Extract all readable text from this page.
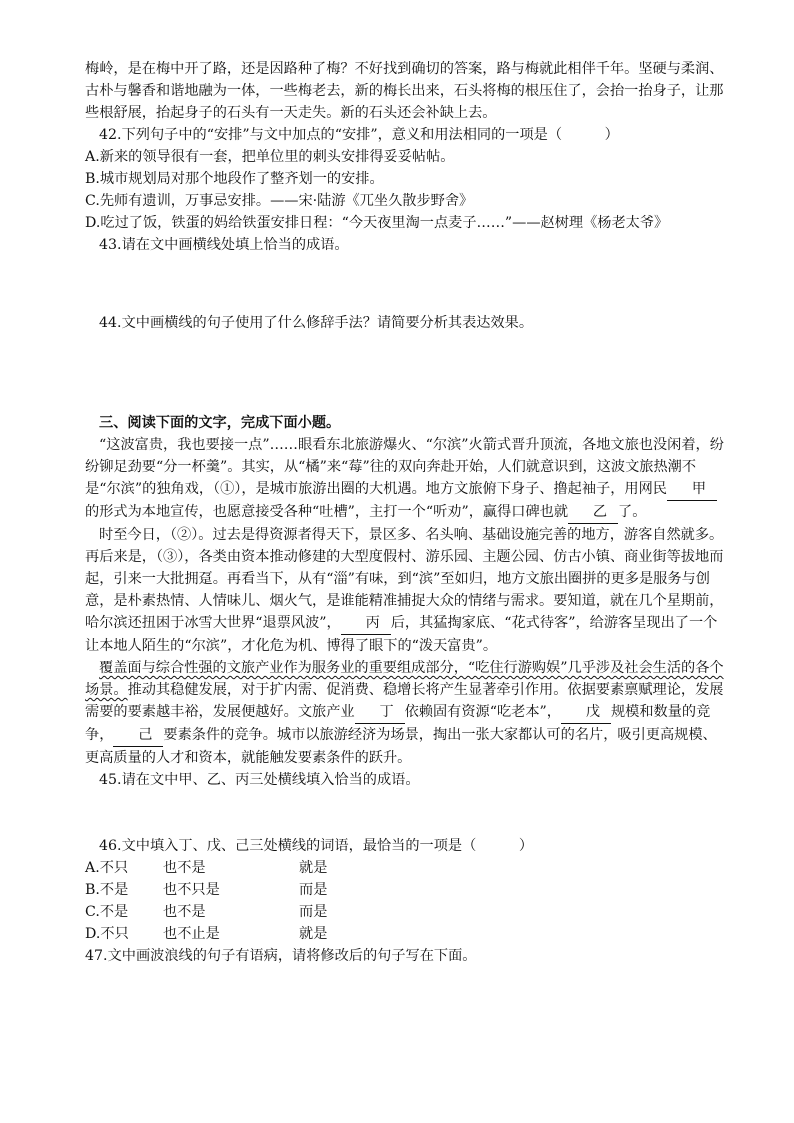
梅岭，是在梅中开了路，还是因路种了梅？不好找到确切的答案，路与梅就此相伴千年。坚硬与柔润、古朴与馨香和谐地融为一体，一些梅老去，新的梅长出来，石头将梅的根压住了，会抬一抬身子，让那些根舒展，抬起身子的石头有一天走失。新的石头还会补缺上去。

42.下列句子中的“安排”与文中加点的“安排”，意义和用法相同的一项是（　　　）

A.新来的领导很有一套，把单位里的刺头安排得妥妥帖帖。

B.城市规划局对那个地段作了整齐划一的安排。

C.先师有遗训，万事忌安排。——宋·陆游《兀坐久散步野舍》

D.吃过了饭，铁蛋的妈给铁蛋安排日程：“今天夜里淘一点麦子……”——赵树理《杨老太爷》

43.请在文中画横线处填上恰当的成语。

44.文中画横线的句子使用了什么修辞手法？请简要分析其表达效果。

三、阅读下面的文字，完成下面小题。

“这波富贵，我也要接一点”……眼看东北旅游爆火、“尔滨”火箭式晋升顶流，各地文旅也没闲着，纷纷铆足劲要“分一杯羹”。其实，从“橘”来“莓”往的双向奔赴开始，人们就意识到，这波文旅热潮不是“尔滨”的独角戏，（①），是城市旅游出圈的大机遇。地方文旅俯下身子、撸起袖子，用网民 甲的形式为本地宣传，也愿意接受各种“吐槽”，主打一个“听劝”，赢得口碑也就 乙 了。

时至今日，（②）。过去是得资源者得天下，景区多、名头响、基础设施完善的地方，游客自然就多。再后来是，（③），各类由资本推动修建的大型度假村、游乐园、主题公园、仿古小镇、商业街等拔地而起，引来一大批拥趸。再看当下，从有“淄”有味，到“滨”至如归，地方文旅出圈拼的更多是服务与创意，是朴素热情、人情味儿、烟火气，是谁能精准捕捉大众的情绪与需求。要知道，就在几个星期前，哈尔滨还扭困于冰雪大世界“退票风波”， 丙 后，其猛掏家底、“花式待客”，给游客呈现出了一个让本地人陌生的“尔滨”，才化危为机、博得了眼下的“泼天富贵”。

覆盖面与综合性强的文旅产业作为服务业的重要组成部分，“吃住行游购娱”几乎涉及社会生活的各个场景。推动其稳健发展，对于扩内需、促消费、稳增长将产生显著牵引作用。依据要素禀赋理论，发展需要的要素越丰裕，发展便越好。文旅产业 丁 依赖固有资源“吃老本”， 戊 规模和数量的竞争， 己 要素条件的竞争。城市以旅游经济为场景，掏出一张大家都认可的名片，吸引更高规模、更高质量的人才和资本，就能触发要素条件的跃升。

45.请在文中甲、乙、丙三处横线填入恰当的成语。

46.文中填入丁、戊、己三处横线的词语，最恰当的一项是（　　　）

A.不只	也不是	就是
B.不是	也不只是	而是
C.不是	也不是	而是
D.不只	也不止是	就是

47.文中画波浪线的句子有语病，请将修改后的句子写在下面。
